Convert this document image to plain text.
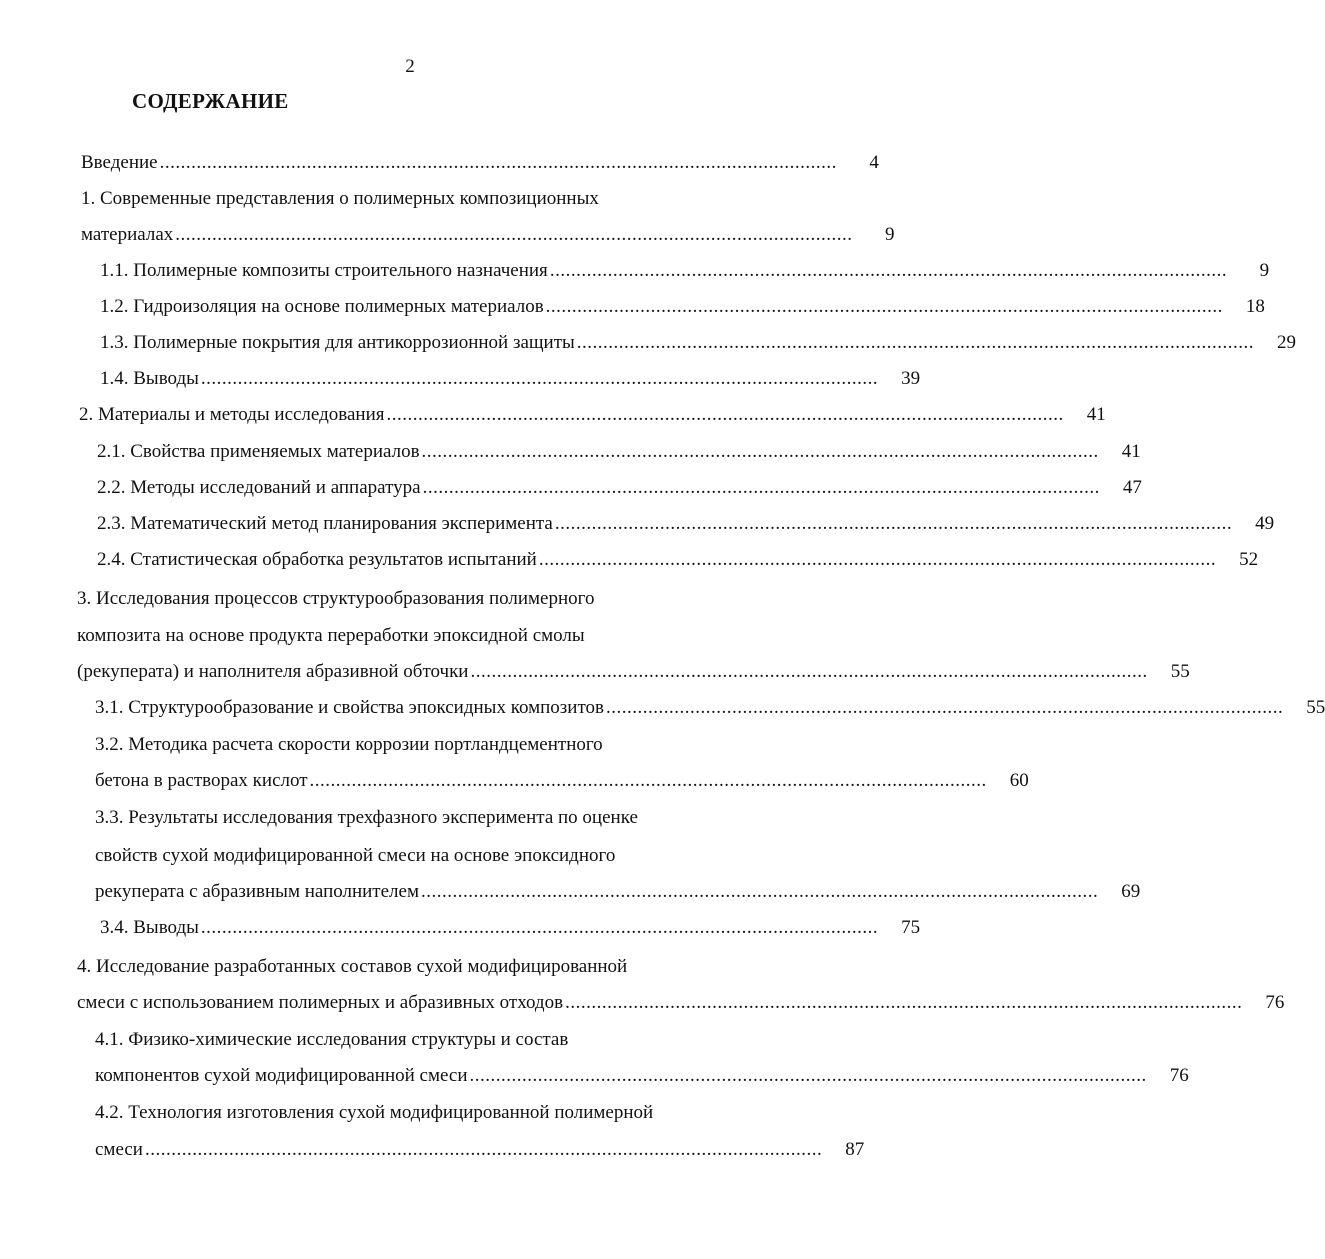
2
СОДЕРЖАНИЕ
Введение .................................................................................................................................	4
1. Современные представления о полимерных композиционных
материалах .................................................................................................................................	9
1.1. Полимерные композиты строительного назначения .................................................................................................................................	9
1.2. Гидроизоляция на основе полимерных материалов .................................................................................................................................	18
1.3. Полимерные покрытия для антикоррозионной защиты .................................................................................................................................	29
1.4. Выводы .................................................................................................................................	39
2. Материалы и методы исследования .................................................................................................................................	41
2.1. Свойства применяемых материалов .................................................................................................................................	41
2.2. Методы исследований и аппаратура .................................................................................................................................	47
2.3. Математический метод планирования эксперимента .................................................................................................................................	49
2.4. Статистическая обработка результатов испытаний .................................................................................................................................	52
3. Исследования процессов структурообразования полимерного
композита на основе продукта переработки эпоксидной смолы
(рекуперата) и наполнителя абразивной обточки .................................................................................................................................	55
3.1. Структурообразование и свойства эпоксидных композитов .................................................................................................................................	55
3.2. Методика расчета скорости коррозии портландцементного
бетона в растворах кислот .................................................................................................................................	60
3.3. Результаты исследования трехфазного эксперимента по оценке
свойств сухой модифицированной смеси на основе эпоксидного
рекуперата с абразивным наполнителем .................................................................................................................................	69
3.4. Выводы .................................................................................................................................	75
4. Исследование разработанных составов сухой модифицированной
смеси с использованием полимерных и абразивных отходов .................................................................................................................................	76
4.1. Физико-химические исследования структуры и состав
компонентов сухой модифицированной смеси .................................................................................................................................	76
4.2. Технология изготовления сухой модифицированной полимерной
смеси .................................................................................................................................	87
